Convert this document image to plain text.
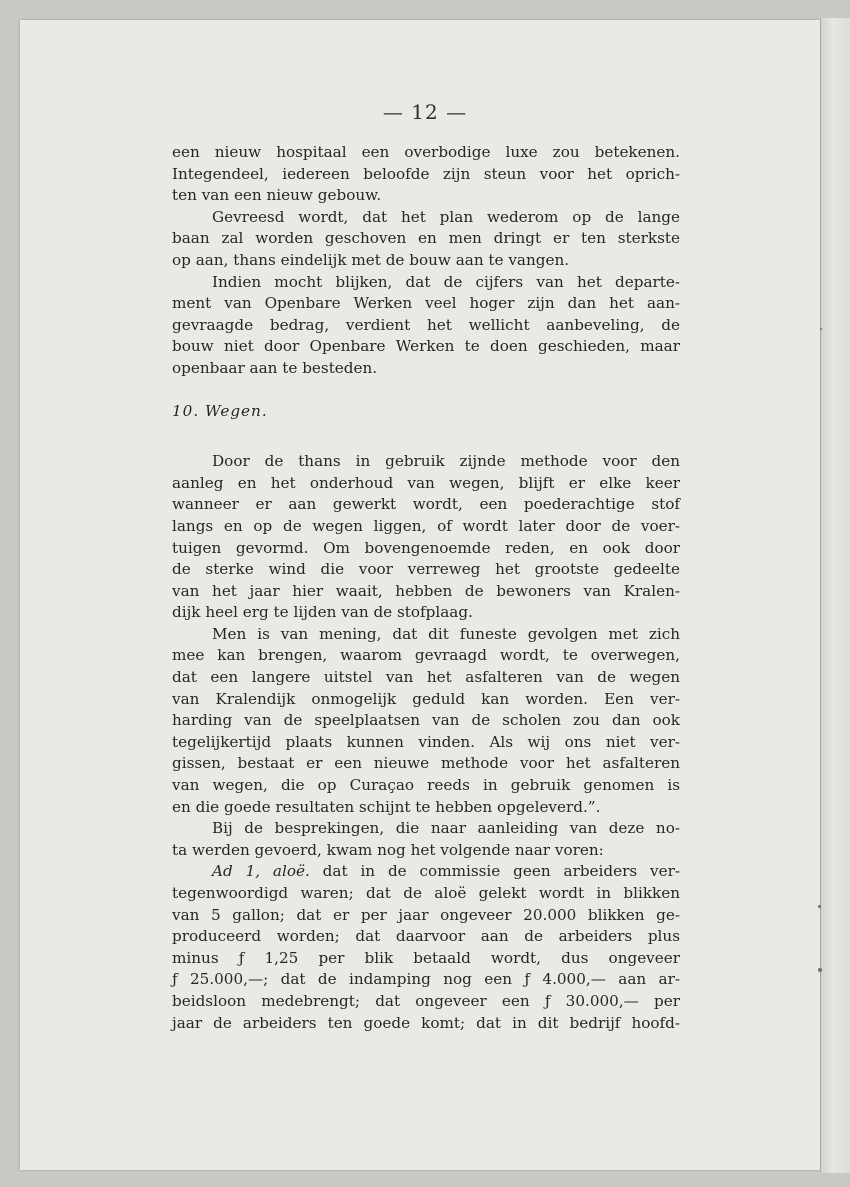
— 12 —

een nieuw hospitaal een overbodige luxe zou betekenen.
Integendeel, iedereen beloofde zijn steun voor het oprich-
ten van een nieuw gebouw.

Gevreesd wordt, dat het plan wederom op de lange
baan zal worden geschoven en men dringt er ten sterkste
op aan, thans eindelijk met de bouw aan te vangen.

Indien mocht blijken, dat de cijfers van het departe-
ment van Openbare Werken veel hoger zijn dan het aan-
gevraagde bedrag, verdient het wellicht aanbeveling, de
bouw niet door Openbare Werken te doen geschieden, maar
openbaar aan te besteden.

10. Wegen.

Door de thans in gebruik zijnde methode voor den
aanleg en het onderhoud van wegen, blijft er elke keer
wanneer er aan gewerkt wordt, een poederachtige stof
langs en op de wegen liggen, of wordt later door de voer-
tuigen gevormd. Om bovengenoemde reden, en ook door
de sterke wind die voor verreweg het grootste gedeelte
van het jaar hier waait, hebben de bewoners van Kralen-
dijk heel erg te lijden van de stofplaag.

Men is van mening, dat dit funeste gevolgen met zich
mee kan brengen, waarom gevraagd wordt, te overwegen,
dat een langere uitstel van het asfalteren van de wegen
van Kralendijk onmogelijk geduld kan worden. Een ver-
harding van de speelplaatsen van de scholen zou dan ook
tegelijkertijd plaats kunnen vinden. Als wij ons niet ver-
gissen, bestaat er een nieuwe methode voor het asfalteren
van wegen, die op Curaçao reeds in gebruik genomen is
en die goede resultaten schijnt te hebben opgeleverd.”.

Bij de besprekingen, die naar aanleiding van deze no-
ta werden gevoerd, kwam nog het volgende naar voren:

Ad 1, aloë. dat in de commissie geen arbeiders ver-
tegenwoordigd waren; dat de aloë gelekt wordt in blikken
van 5 gallon; dat er per jaar ongeveer 20.000 blikken ge-
produceerd worden; dat daarvoor aan de arbeiders plus
minus ƒ 1,25 per blik betaald wordt, dus ongeveer
ƒ 25.000,—; dat de indamping nog een ƒ 4.000,— aan ar-
beidsloon medebrengt; dat ongeveer een ƒ 30.000,— per
jaar de arbeiders ten goede komt; dat in dit bedrijf hoofd-
